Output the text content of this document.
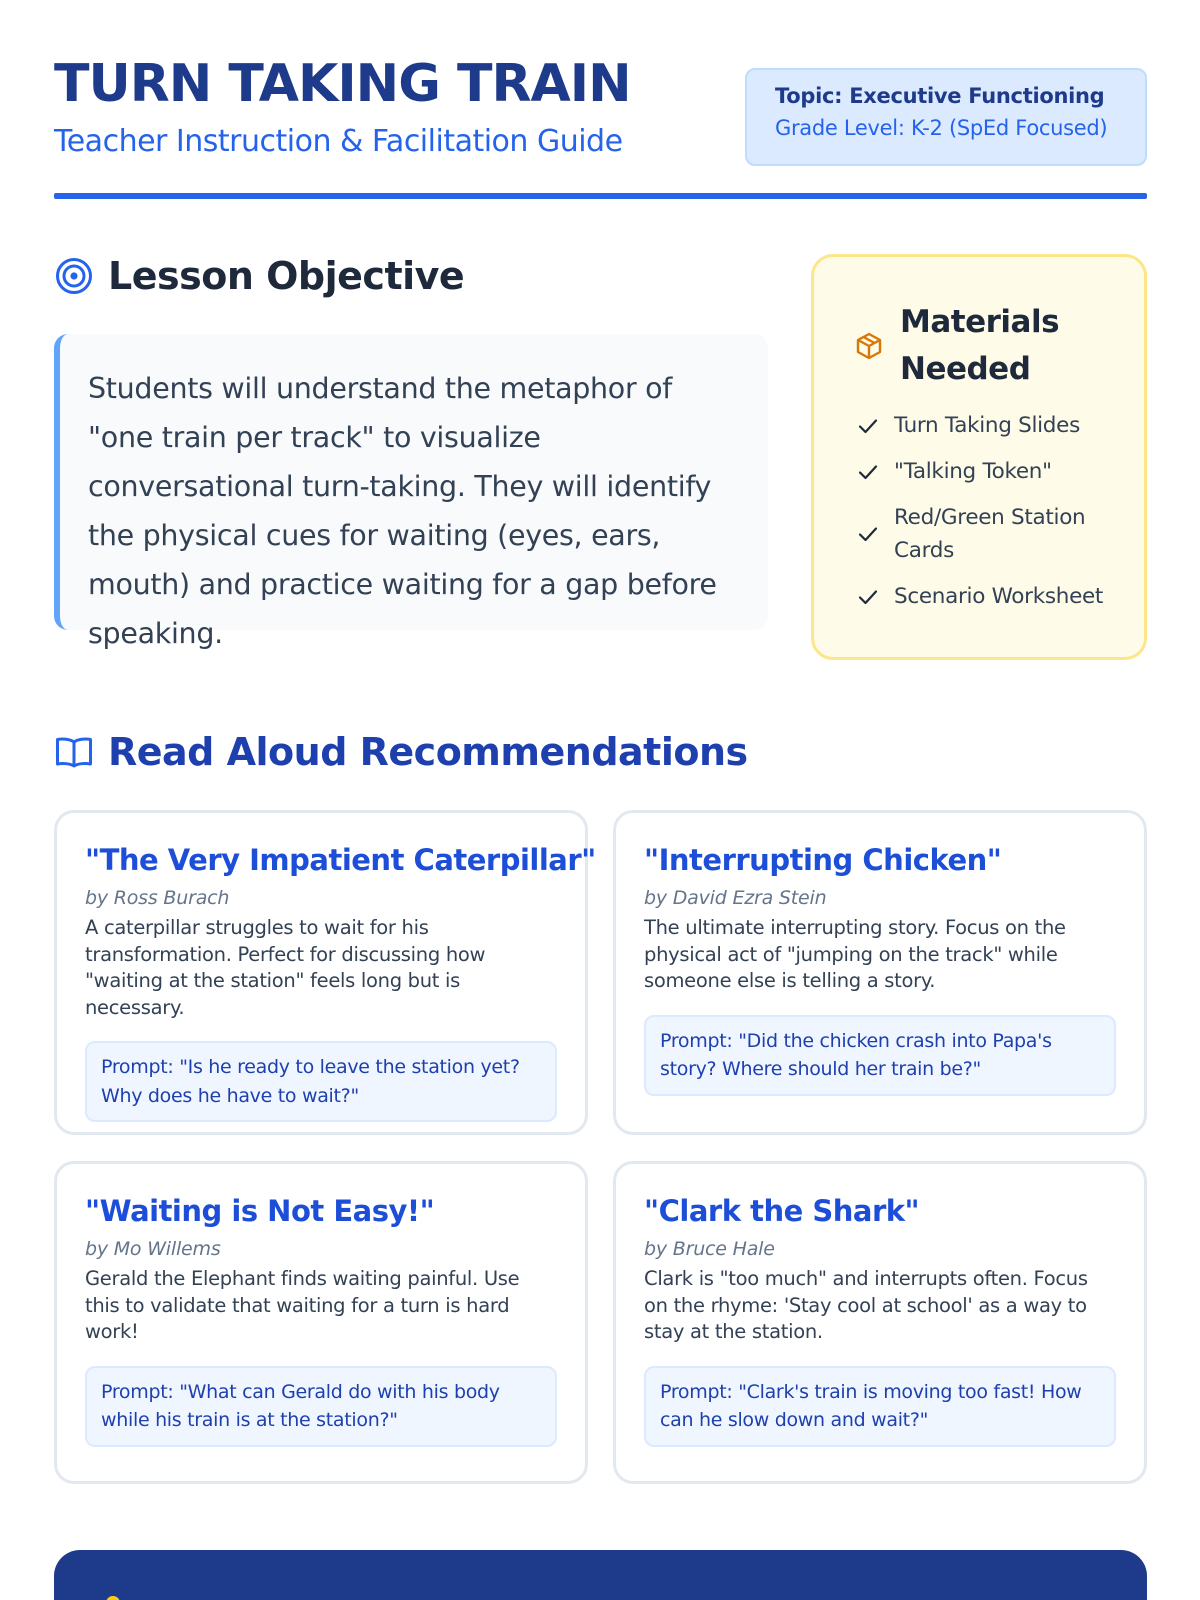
TURN TAKING TRAIN
Teacher Instruction & Facilitation Guide
Topic: Executive Functioning
Grade Level: K-2 (SpEd Focused)
Lesson Objective

Students will understand the metaphor of "one train per track" to visualize conversational turn-taking. They will identify the physical cues for waiting (eyes, ears, mouth) and practice waiting for a gap before speaking.

Materials Needed
Turn Taking Slides
"Talking Token"
Red/Green Station Cards
Scenario Worksheet
Read Aloud Recommendations
"The Very Impatient Caterpillar"
by Ross Burach
A caterpillar struggles to wait for his transformation. Perfect for discussing how "waiting at the station" feels long but is necessary.
Prompt: "Is he ready to leave the station yet? Why does he have to wait?"
"Interrupting Chicken"
by David Ezra Stein
The ultimate interrupting story. Focus on the physical act of "jumping on the track" while someone else is telling a story.
Prompt: "Did the chicken crash into Papa's story? Where should her train be?"
"Waiting is Not Easy!"
by Mo Willems
Gerald the Elephant finds waiting painful. Use this to validate that waiting for a turn is hard work!
Prompt: "What can Gerald do with his body while his train is at the station?"
"Clark the Shark"
by Bruce Hale
Clark is "too much" and interrupts often. Focus on the rhyme: 'Stay cool at school' as a way to stay at the station.
Prompt: "Clark's train is moving too fast! How can he slow down and wait?"
